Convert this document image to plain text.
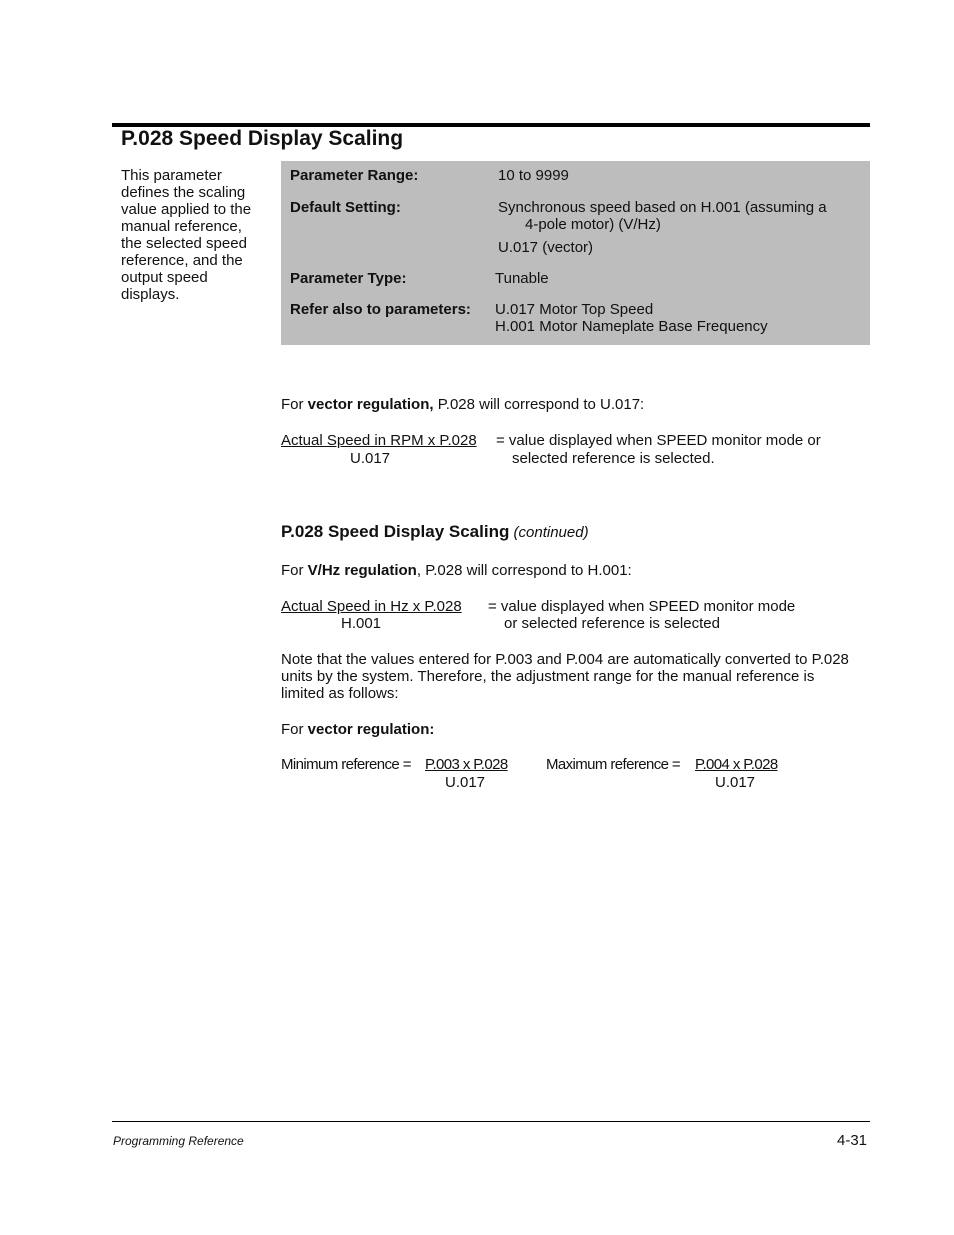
P.028 Speed Display Scaling
This parameter
defines the scaling
value applied to the
manual reference,
the selected speed
reference, and the
output speed
displays.
Parameter Range:	10 to 9999
Default Setting:	Synchronous speed based on H.001 (assuming a
4-pole motor) (V/Hz)
U.017 (vector)
Parameter Type:	Tunable
Refer also to parameters: U.017 Motor Top Speed
H.001 Motor Nameplate Base Frequency
For vector regulation, P.028 will correspond to U.017:
Actual Speed in RPM x P.028 = value displayed when SPEED monitor mode or
U.017	selected reference is selected.
P.028 Speed Display Scaling (continued)
For V/Hz regulation, P.028 will correspond to H.001:
Actual Speed in Hz x P.028 = value displayed when SPEED monitor mode
H.001	or selected reference is selected
Note that the values entered for P.003 and P.004 are automatically converted to P.028
units by the system. Therefore, the adjustment range for the manual reference is
limited as follows:
For vector regulation:
Minimum reference = P.003 x P.028
U.017
Maximum reference = P.004 x P.028
U.017
Programming Reference	4-31
